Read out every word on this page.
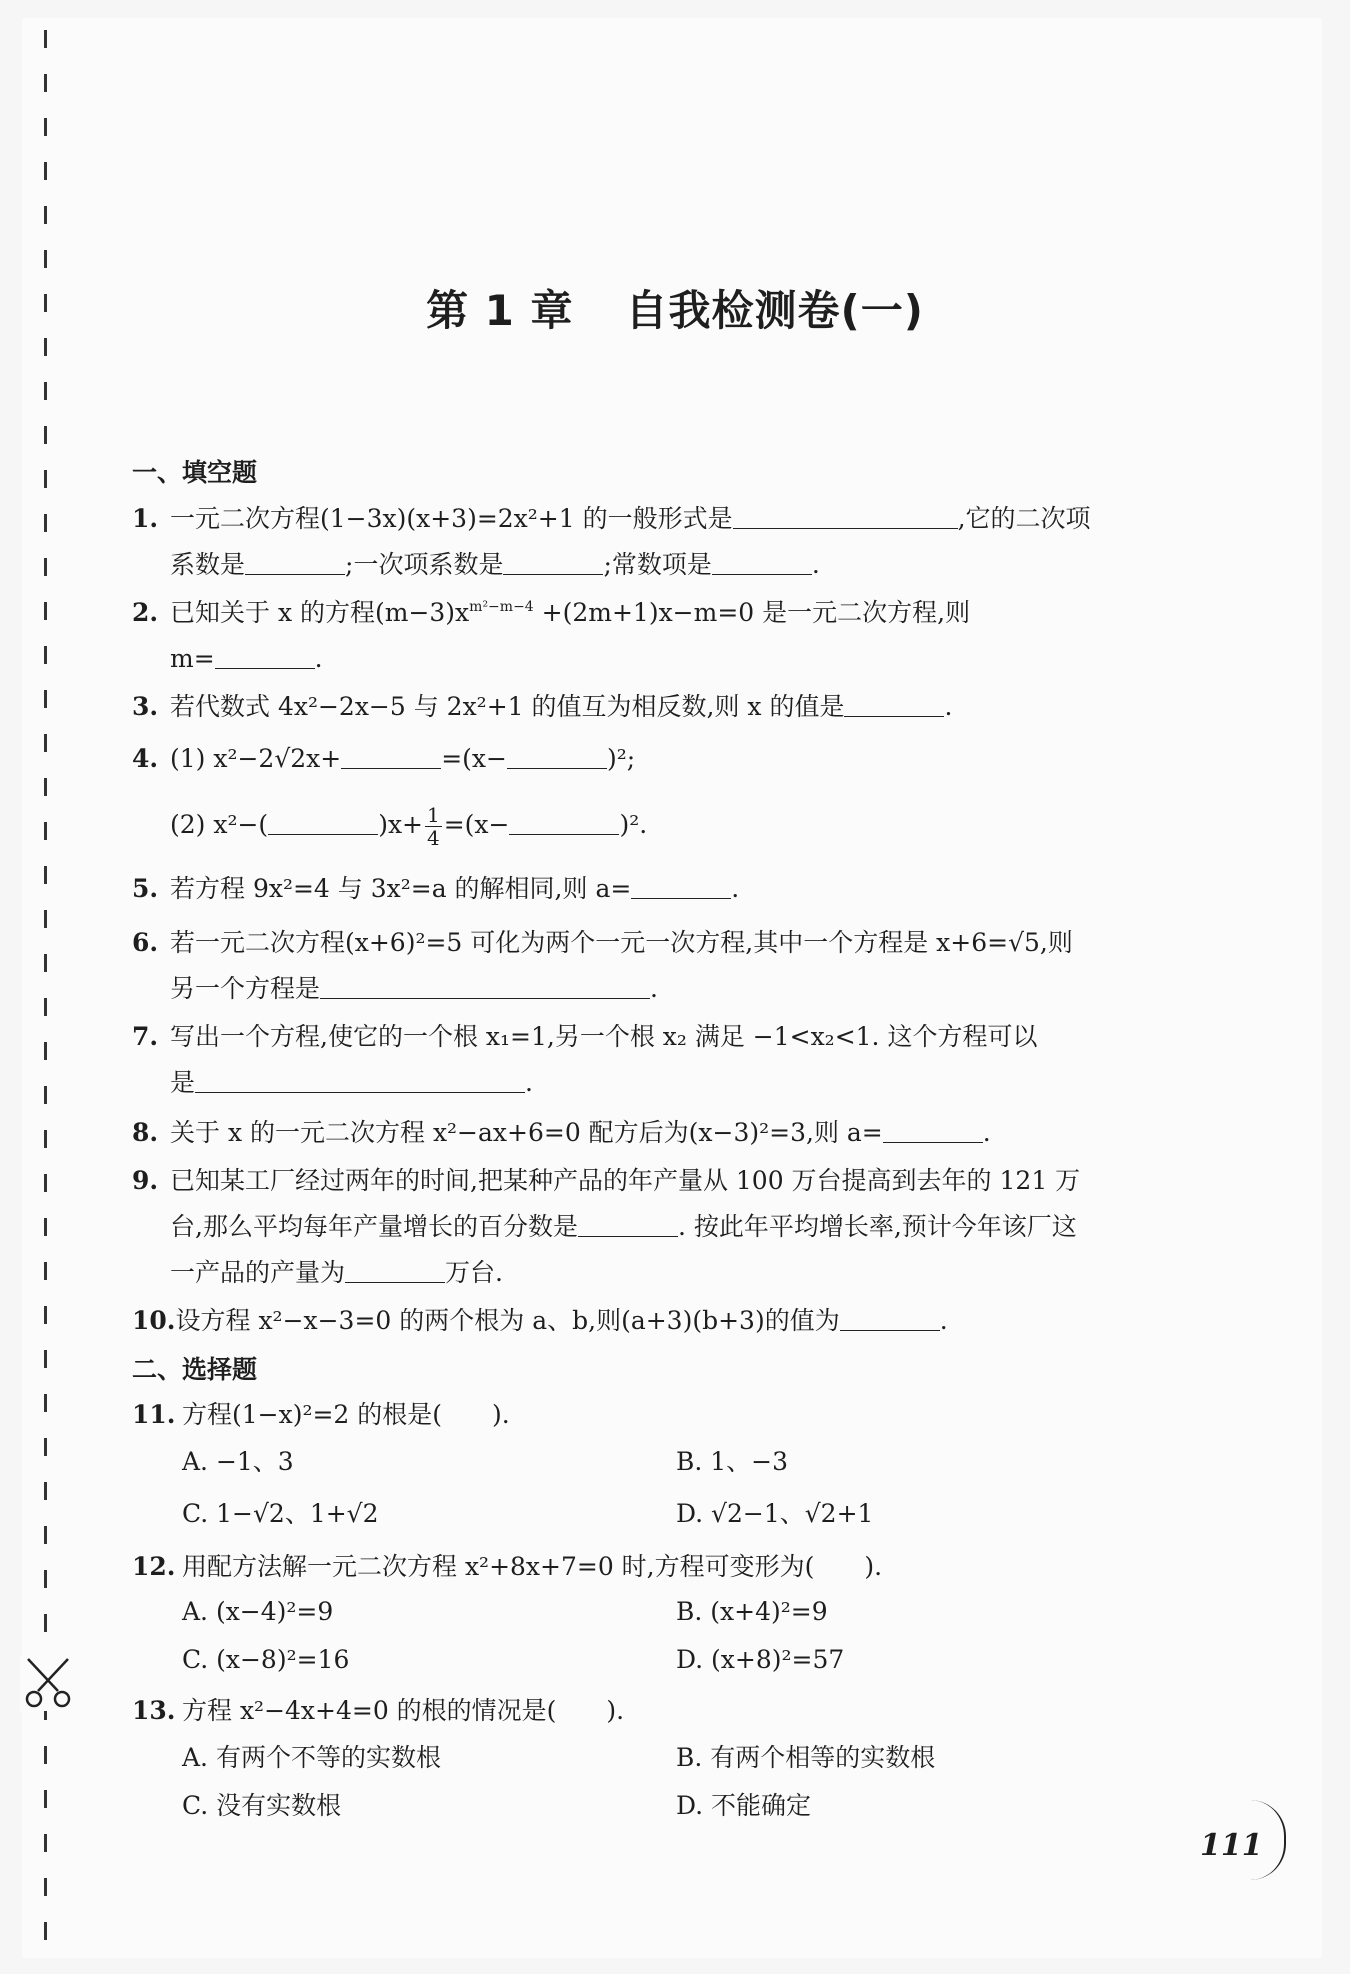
第 1 章 自我检测卷(一)
一、填空题
1. 一元二次方程(1−3x)(x+3)=2x²+1 的一般形式是	,它的二次项
系数是	;一次项系数是	;常数项是	.
2. 已知关于 x 的方程$(m-3)x^{m^2-m-4} +(2m+1)x-m=0$ 是一元二次方程,则
m=	.
3. 若代数式 4x²−2x−5 与 2x²+1 的值互为相反数,则 x 的值是	.
4. (1) x²−2√2x+	=(x−	)²;
(2) x²−(	)$x+ \frac{1}{4} =(x-$	)².
5. 若方程 9x²=4 与 3x²=a 的解相同,则 a=	.
6. 若一元二次方程(x+6)²=5 可化为两个一元一次方程,其中一个方程是 x+6=√5,则
另一个方程是	.
7. 写出一个方程,使它的一个根 x₁=1,另一个根 x₂ 满足 −1<x₂<1. 这个方程可以
是	.
8. 关于 x 的一元二次方程 x²−ax+6=0 配方后为(x−3)²=3,则 a=	.
9. 已知某工厂经过两年的时间,把某种产品的年产量从 100 万台提高到去年的 121 万
台,那么平均每年产量增长的百分数是	. 按此年平均增长率,预计今年该厂这
一产品的产量为	万台.
10.设方程 x²−x−3=0 的两个根为 a、b,则(a+3)(b+3)的值为	.
二、选择题
11. 方程(1−x)²=2 的根是(　　).
A. −1、3	B. 1、−3
C. 1−√2、1+√2	D. √2−1、√2+1
12. 用配方法解一元二次方程 x²+8x+7=0 时,方程可变形为(　　).
A. (x−4)²=9	B. (x+4)²=9
C. (x−8)²=16	D. (x+8)²=57
13. 方程 x²−4x+4=0 的根的情况是(　　).
A. 有两个不等的实数根	B. 有两个相等的实数根
C. 没有实数根	D. 不能确定
111
